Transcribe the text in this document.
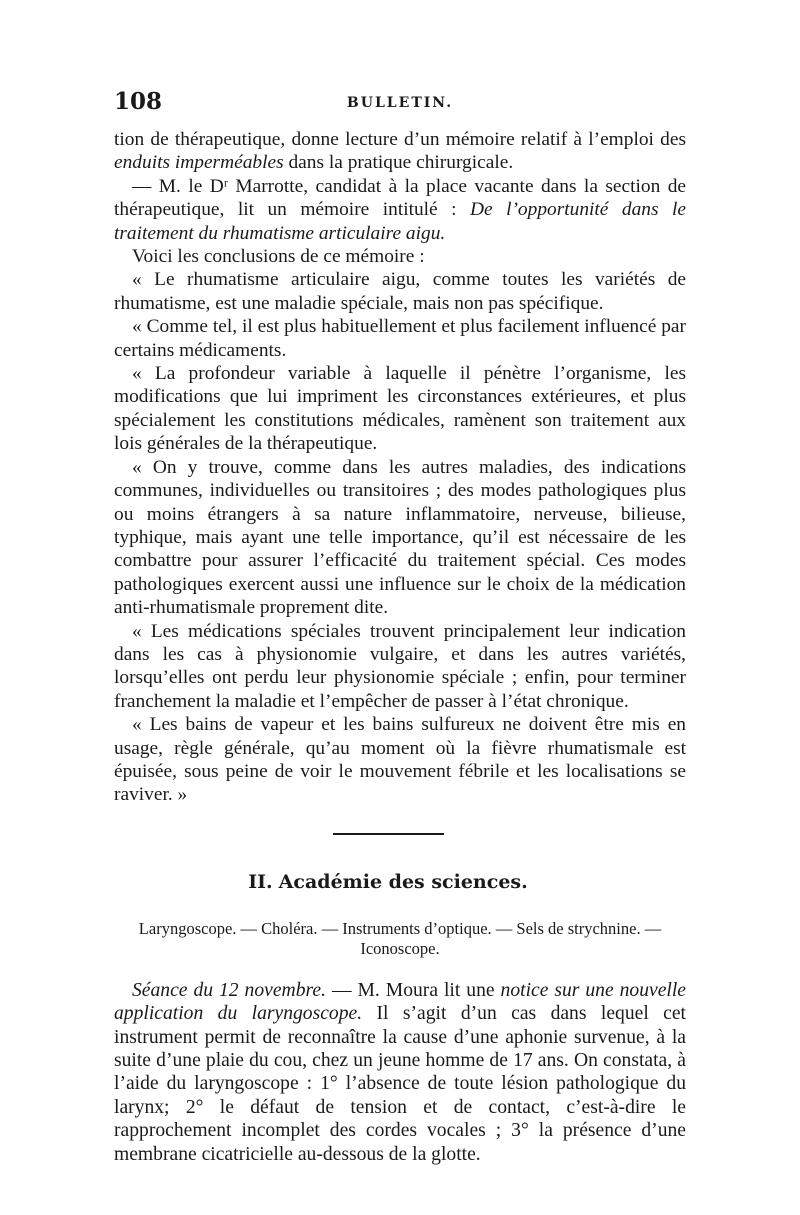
108	BULLETIN.

tion de thérapeutique, donne lecture d’un mémoire relatif à l’emploi des enduits imperméables dans la pratique chirurgicale.

— M. le Dʳ Marrotte, candidat à la place vacante dans la section de thérapeutique, lit un mémoire intitulé : De l’opportunité dans le traitement du rhumatisme articulaire aigu.

Voici les conclusions de ce mémoire :

« Le rhumatisme articulaire aigu, comme toutes les variétés de rhumatisme, est une maladie spéciale, mais non pas spécifique.

« Comme tel, il est plus habituellement et plus facilement influencé par certains médicaments.

« La profondeur variable à laquelle il pénètre l’organisme, les modifications que lui impriment les circonstances extérieures, et plus spécialement les constitutions médicales, ramènent son traitement aux lois générales de la thérapeutique.

« On y trouve, comme dans les autres maladies, des indications communes, individuelles ou transitoires ; des modes pathologiques plus ou moins étrangers à sa nature inflammatoire, nerveuse, bilieuse, typhique, mais ayant une telle importance, qu’il est nécessaire de les combattre pour assurer l’efficacité du traitement spécial. Ces modes pathologiques exercent aussi une influence sur le choix de la médication anti-rhumatismale proprement dite.

« Les médications spéciales trouvent principalement leur indication dans les cas à physionomie vulgaire, et dans les autres variétés, lorsqu’elles ont perdu leur physionomie spéciale ; enfin, pour terminer franchement la maladie et l’empêcher de passer à l’état chronique.

« Les bains de vapeur et les bains sulfureux ne doivent être mis en usage, règle générale, qu’au moment où la fièvre rhumatismale est épuisée, sous peine de voir le mouvement fébrile et les localisations se raviver. »

II. Académie des sciences.
Laryngoscope. — Choléra. — Instruments d’optique. — Sels de strychnine. — Iconoscope.

Séance du 12 novembre. — M. Moura lit une notice sur une nouvelle application du laryngoscope. Il s’agit d’un cas dans lequel cet instrument permit de reconnaître la cause d’une aphonie survenue, à la suite d’une plaie du cou, chez un jeune homme de 17 ans. On constata, à l’aide du laryngoscope : 1° l’absence de toute lésion pathologique du larynx; 2° le défaut de tension et de contact, c’est-à-dire le rapprochement incomplet des cordes vocales ; 3° la présence d’une membrane cicatricielle au-dessous de la glotte.
